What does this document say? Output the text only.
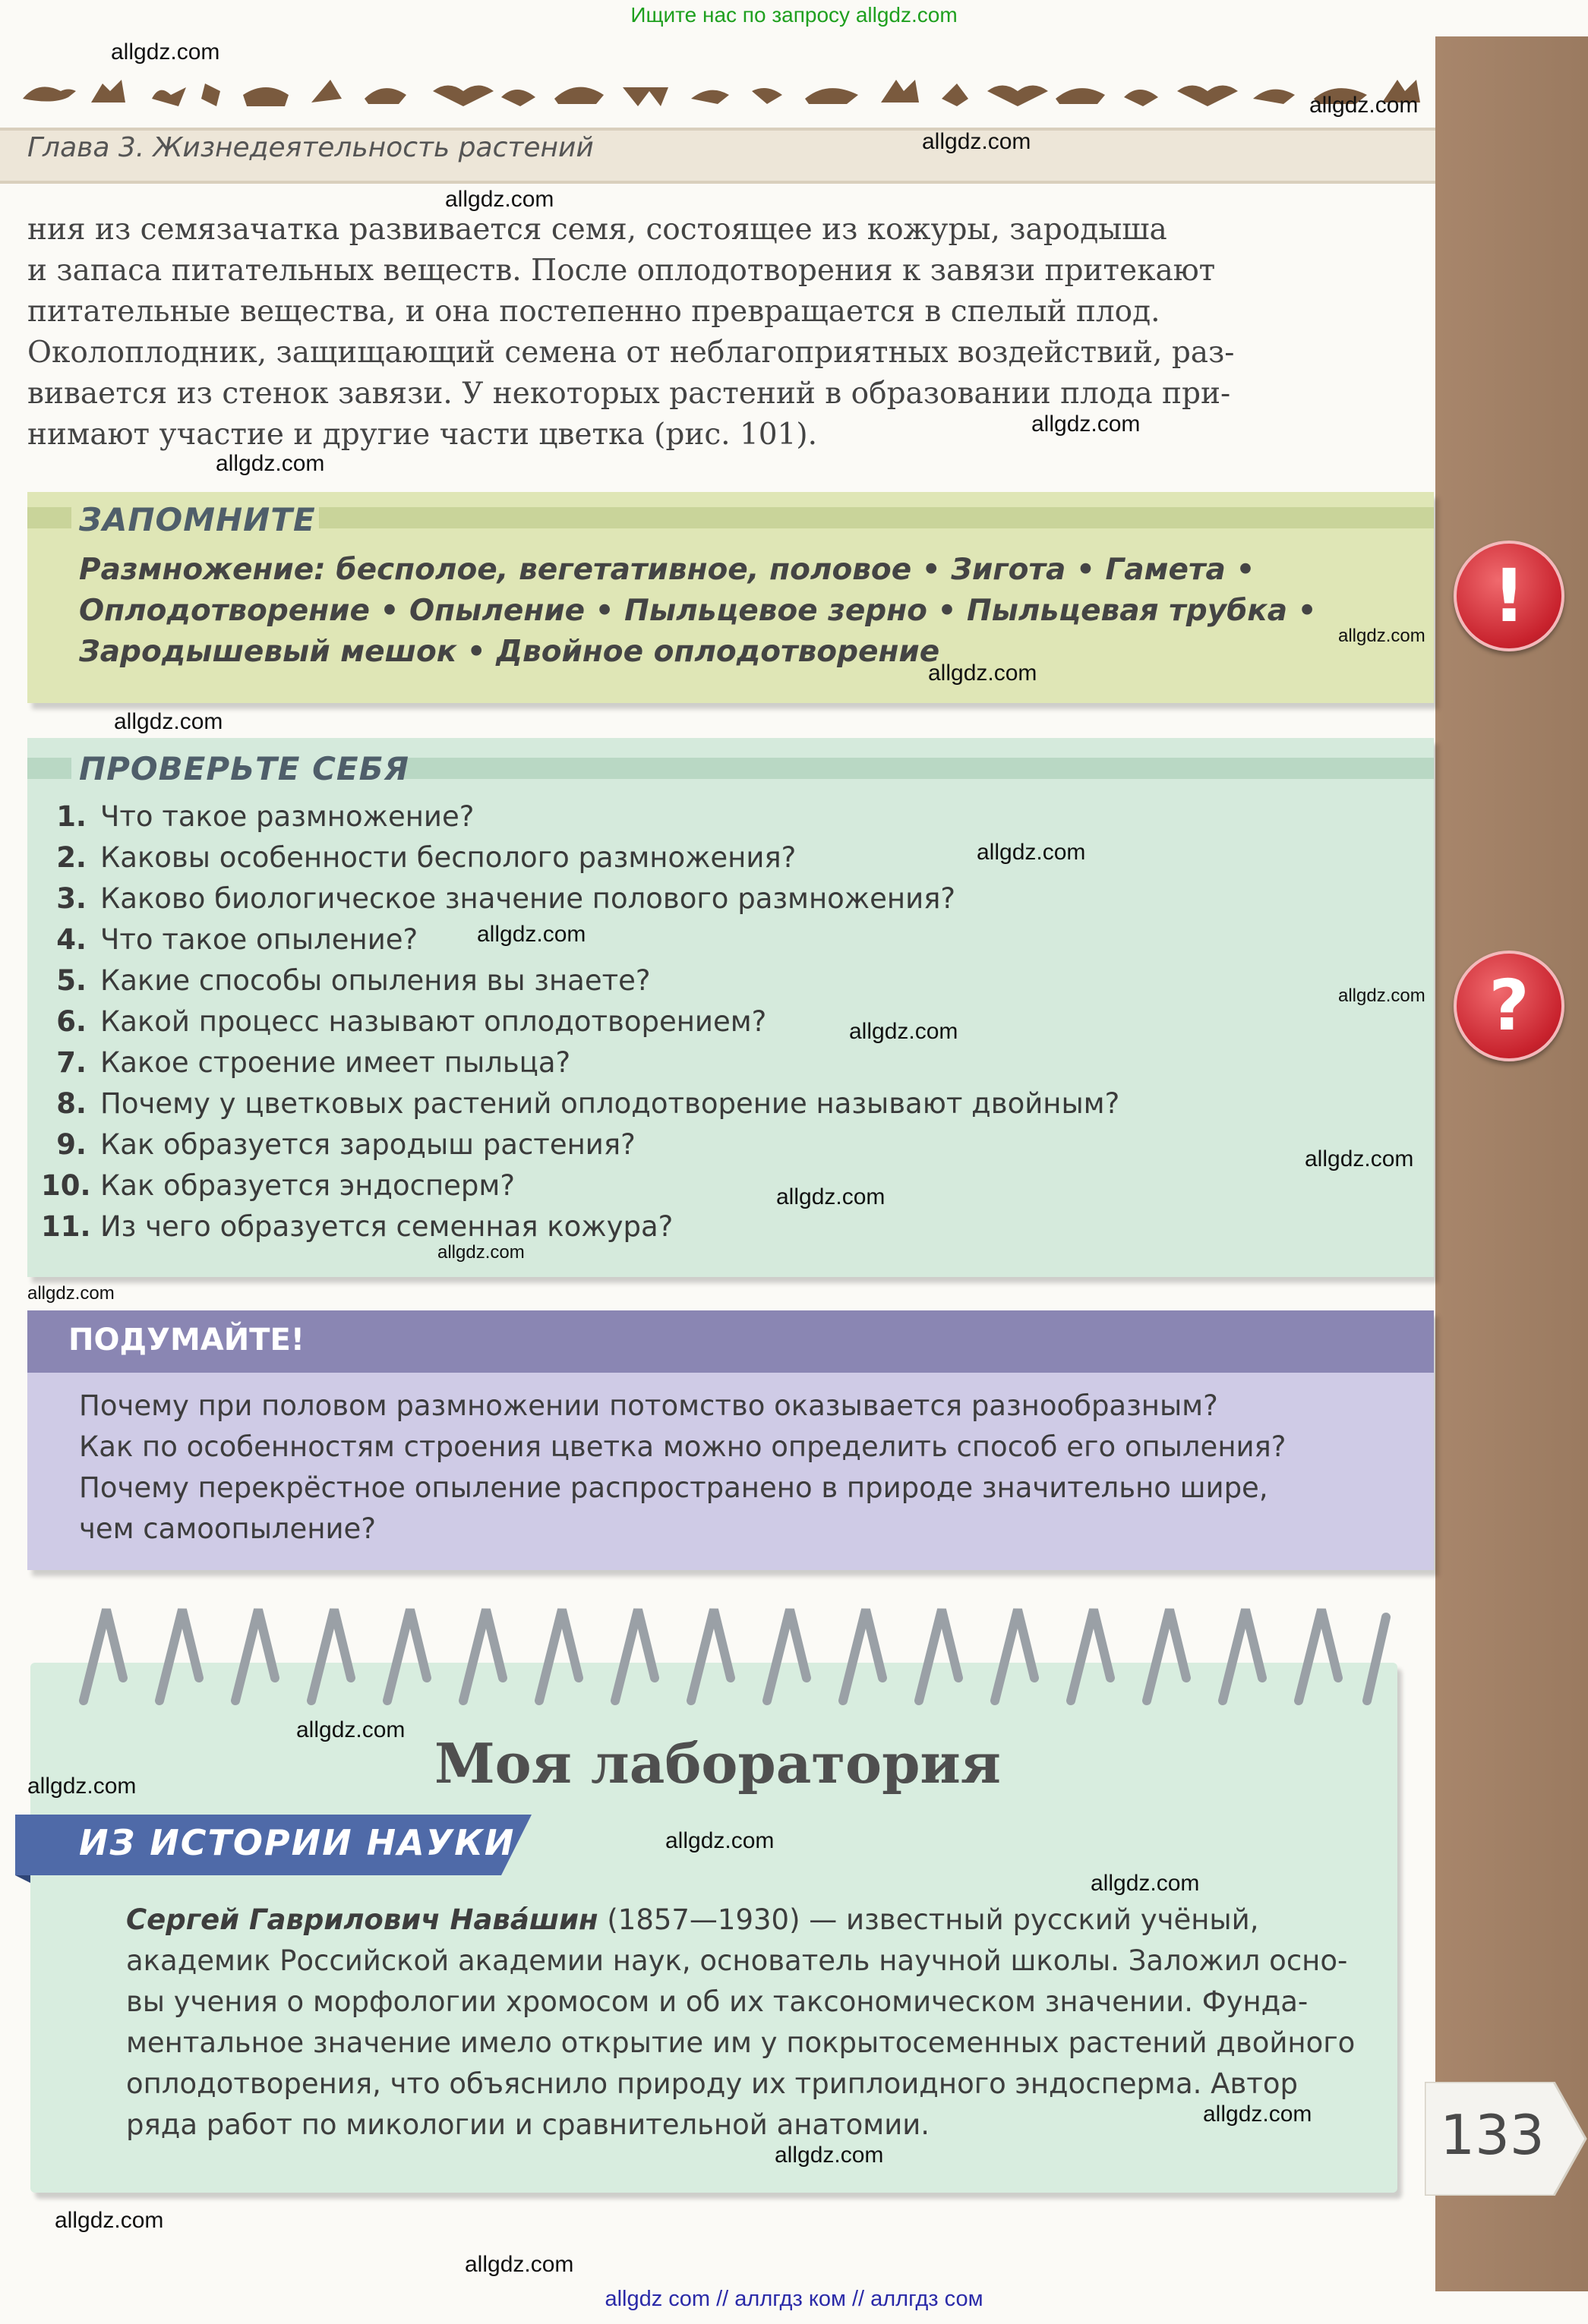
Ищите нас по запросу allgdz.com
Глава 3. Жизнедеятельность растений
ния из семязачатка развивается семя, состоящее из кожуры, зародыша
и запаса питательных веществ. После оплодотворения к завязи притекают
питательные вещества, и она постепенно превращается в спелый плод.
Околоплодник, защищающий семена от неблагоприятных воздействий, раз-
вивается из стенок завязи. У некоторых растений в образовании плода при-
нимают участие и другие части цветка (рис. 101).
ЗАПОМНИТЕ
Размножение: бесполое, вегетативное, половое • Зигота • Гамета •
Оплодотворение • Опыление • Пыльцевое зерно • Пыльцевая трубка •
Зародышевый мешок • Двойное оплодотворение
!
ПРОВЕРЬТЕ СЕБЯ
?
1. Что такое размножение?
2. Каковы особенности бесполого размножения?
3. Каково биологическое значение полового размножения?
4. Что такое опыление?
5. Какие способы опыления вы знаете?
6. Какой процесс называют оплодотворением?
7. Какое строение имеет пыльца?
8. Почему у цветковых растений оплодотворение называют двойным?
9. Как образуется зародыш растения?
10. Как образуется эндосперм?
11. Из чего образуется семенная кожура?
ПОДУМАЙТЕ!
Почему при половом размножении потомство оказывается разнообразным?
Как по особенностям строения цветка можно определить способ его опыления?
Почему перекрёстное опыление распространено в природе значительно шире,
чем самоопыление?
Моя лаборатория
ИЗ ИСТОРИИ НАУКИ
Сергей Гаврилович Нава́шин (1857—1930) — известный русский учёный,
академик Российской академии наук, основатель научной школы. Заложил осно-
вы учения о морфологии хромосом и об их таксономическом значении. Фунда-
ментальное значение имело открытие им у покрытосеменных растений двойного
оплодотворения, что объяснило природу их триплоидного эндосперма. Автор
ряда работ по микологии и сравнительной анатомии.	133
allgdz.com
allgdz.com
allgdz.com
allgdz.com
allgdz.com
allgdz.com
allgdz.com
allgdz.com
allgdz.com
allgdz.com
allgdz.com
allgdz.com
allgdz.com
allgdz.com
allgdz.com
allgdz.com
allgdz.com
allgdz.com
allgdz.com
allgdz.com
allgdz.com
allgdz.com
allgdz.com
allgdz.com
allgdz.com
allgdz com // аллгдз ком // аллгдз сом
